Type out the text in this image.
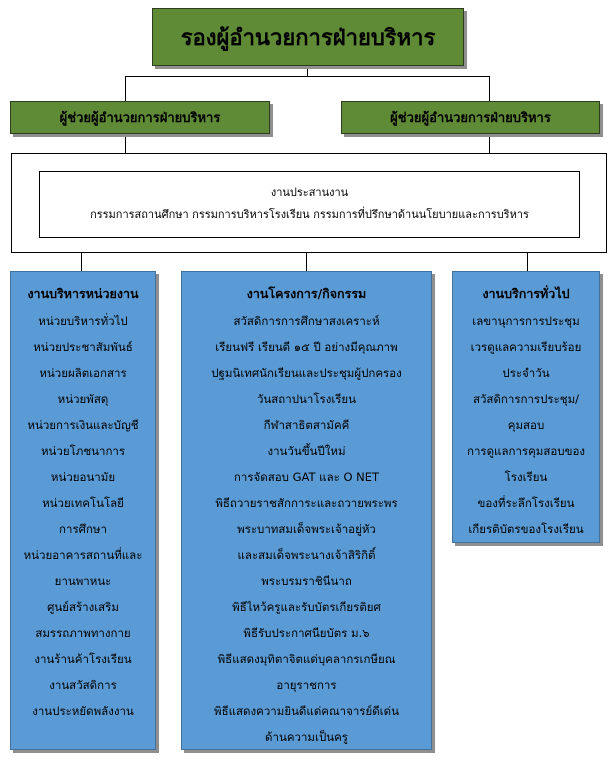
รองผู้อำนวยการฝ่ายบริหาร
ผู้ช่วยผู้อำนวยการฝ่ายบริหาร	ผู้ช่วยผู้อำนวยการฝ่ายบริหาร
งานประสานงาน
กรรมการสถานศึกษา กรรมการบริหารโรงเรียน กรรมการที่ปรึกษาด้านนโยบายและการบริหาร
งานบริหารหน่วยงาน
หน่วยบริหารทั่วไป
หน่วยประชาสัมพันธ์
หน่วยผลิตเอกสาร
หน่วยพัสดุ
หน่วยการเงินและบัญชี
หน่วยโภชนาการ
หน่วยอนามัย
หน่วยเทคโนโลยี
การศึกษา
หน่วยอาคารสถานที่และ
ยานพาหนะ
ศูนย์สร้างเสริม
สมรรถภาพทางกาย
งานร้านค้าโรงเรียน
งานสวัสดิการ
งานประหยัดพลังงาน
งานโครงการ/กิจกรรม
สวัสดิการการศึกษาสงเคราะห์
เรียนฟรี เรียนดี ๑๕ ปี อย่างมีคุณภาพ
ปฐมนิเทศนักเรียนและประชุมผู้ปกครอง
วันสถาปนาโรงเรียน
กีฬาสาธิตสามัคคี
งานวันขึ้นปีใหม่
การจัดสอบ GAT และ O NET
พิธีถวายราชสักการะและถวายพระพร
พระบาทสมเด็จพระเจ้าอยู่หัว
และสมเด็จพระนางเจ้าสิริกิติ์
พระบรมราชินีนาถ
พิธีไหว้ครูและรับบัตรเกียรติยศ
พิธีรับประกาศนียบัตร ม.๖
พิธีแสดงมุทิตาจิตแด่บุคลากรเกษียณ
อายุราชการ
พิธีแสดงความยินดีแด่คณาจารย์ดีเด่น
ด้านความเป็นครู
งานบริการทั่วไป
เลขานุการการประชุม
เวรดูแลความเรียบร้อย
ประจำวัน
สวัสดิการการประชุม/
คุมสอบ
การดูแลการคุมสอบของ
โรงเรียน
ของที่ระลึกโรงเรียน
เกียรติบัตรของโรงเรียน
